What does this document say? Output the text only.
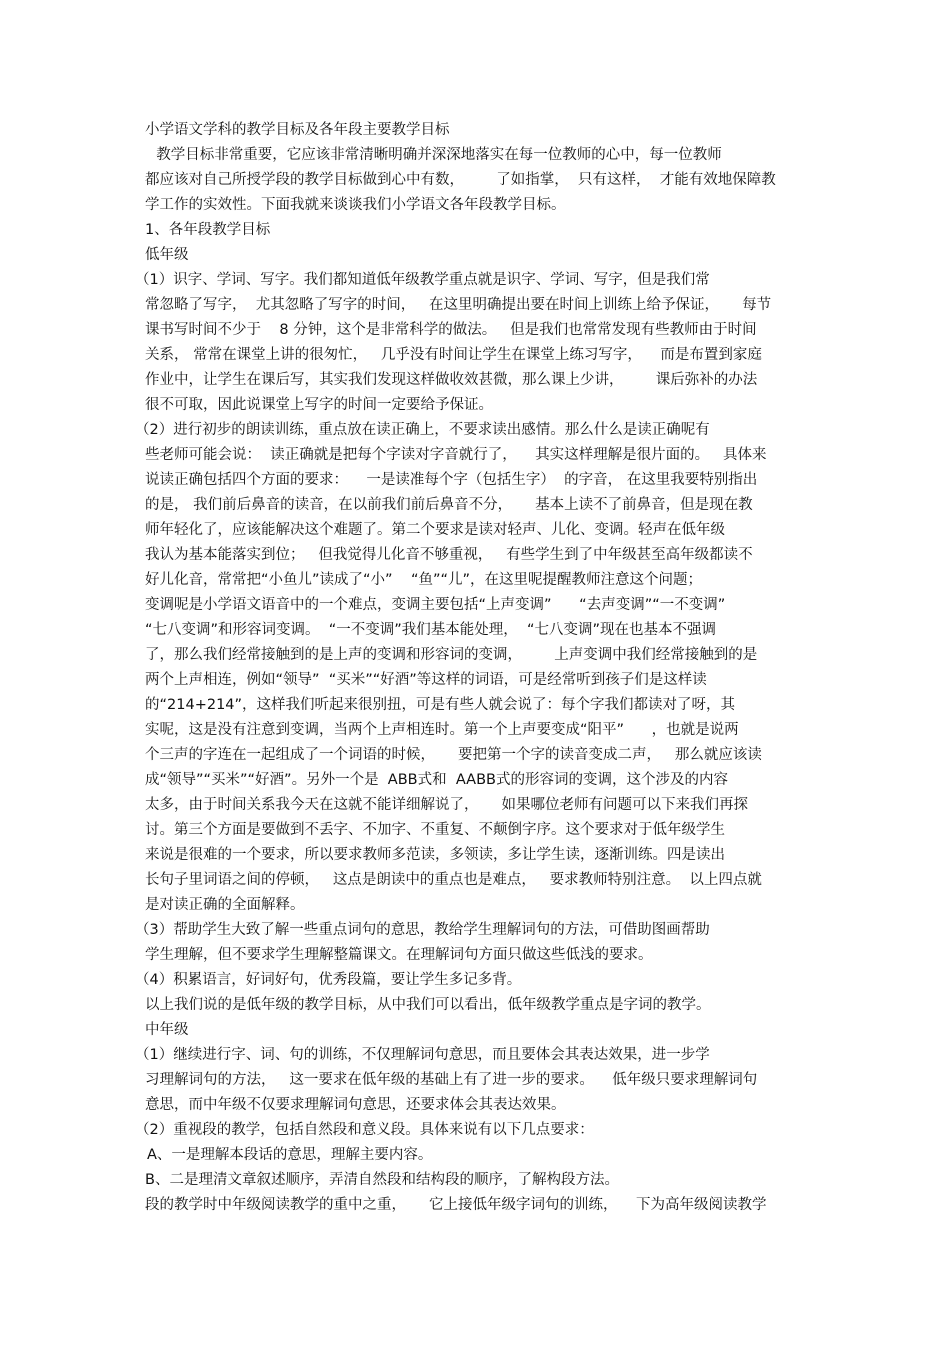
小学语文学科的教学目标及各年段主要教学目标
教学目标非常重要，它应该非常清晰明确并深深地落实在每一位教师的心中，每一位教师
都应该对自己所授学段的教学目标做到心中有数，       了如指掌，  只有这样，  才能有效地保障教
学工作的实效性。下面我就来谈谈我们小学语文各年段教学目标。
1、各年段教学目标
低年级
（1）识字、学词、写字。我们都知道低年级教学重点就是识字、学词、写字，但是我们常
常忽略了写字，  尤其忽略了写字的时间，   在这里明确提出要在时间上训练上给予保证，     每节
课书写时间不少于    8 分钟，这个是非常科学的做法。   但是我们也常常发现有些教师由于时间
关系， 常常在课堂上讲的很匆忙，   几乎没有时间让学生在课堂上练习写字，    而是布置到家庭
作业中，让学生在课后写，其实我们发现这样做收效甚微，那么课上少讲，       课后弥补的办法
很不可取，因此说课堂上写字的时间一定要给予保证。
（2）进行初步的朗读训练，重点放在读正确上，不要求读出感情。那么什么是读正确呢有
些老师可能会说：  读正确就是把每个字读对字音就行了，    其实这样理解是很片面的。   具体来
说读正确包括四个方面的要求：    一是读准每个字（包括生字）  的字音， 在这里我要特别指出
的是， 我们前后鼻音的读音，在以前我们前后鼻音不分，     基本上读不了前鼻音，但是现在教
师年轻化了，应该能解决这个难题了。第二个要求是读对轻声、儿化、变调。轻声在低年级
我认为基本能落实到位；   但我觉得儿化音不够重视，   有些学生到了中年级甚至高年级都读不
好儿化音，常常把“小鱼儿”读成了“小”    “鱼”“儿”，在这里呢提醒教师注意这个问题；
变调呢是小学语文语音中的一个难点，变调主要包括“上声变调”      “去声变调”“一不变调”
“七八变调”和形容词变调。  “一不变调”我们基本能处理，  “七八变调”现在也基本不强调
了，那么我们经常接触到的是上声的变调和形容词的变调，       上声变调中我们经常接触到的是
两个上声相连，例如“领导”  “买米”“好酒”等这样的词语，可是经常听到孩子们是这样读
的“214+214”，这样我们听起来很别扭，可是有些人就会说了：每个字我们都读对了呀，其
实呢，这是没有注意到变调，当两个上声相连时。第一个上声要变成“阳平”      ，也就是说两
个三声的字连在一起组成了一个词语的时候，     要把第一个字的读音变成二声，   那么就应该读
成“领导”“买米”“好酒”。另外一个是  ABB式和  AABB式的形容词的变调，这个涉及的内容
太多，由于时间关系我今天在这就不能详细解说了，     如果哪位老师有问题可以下来我们再探
讨。第三个方面是要做到不丢字、不加字、不重复、不颠倒字序。这个要求对于低年级学生
来说是很难的一个要求，所以要求教师多范读，多领读，多让学生读，逐渐训练。四是读出
长句子里词语之间的停顿，   这点是朗读中的重点也是难点，   要求教师特别注意。  以上四点就
是对读正确的全面解释。
（3）帮助学生大致了解一些重点词句的意思，教给学生理解词句的方法，可借助图画帮助
学生理解，但不要求学生理解整篇课文。在理解词句方面只做这些低浅的要求。
（4）积累语言，好词好句，优秀段篇，要让学生多记多背。
以上我们说的是低年级的教学目标，从中我们可以看出，低年级教学重点是字词的教学。
中年级
（1）继续进行字、词、句的训练，不仅理解词句意思，而且要体会其表达效果，进一步学
习理解词句的方法，   这一要求在低年级的基础上有了进一步的要求。    低年级只要求理解词句
意思，而中年级不仅要求理解词句意思，还要求体会其表达效果。
（2）重视段的教学，包括自然段和意义段。具体来说有以下几点要求：
A、一是理解本段话的意思，理解主要内容。
B、二是理清文章叙述顺序，弄清自然段和结构段的顺序，了解构段方法。
段的教学时中年级阅读教学的重中之重，     它上接低年级字词句的训练，    下为高年级阅读教学
